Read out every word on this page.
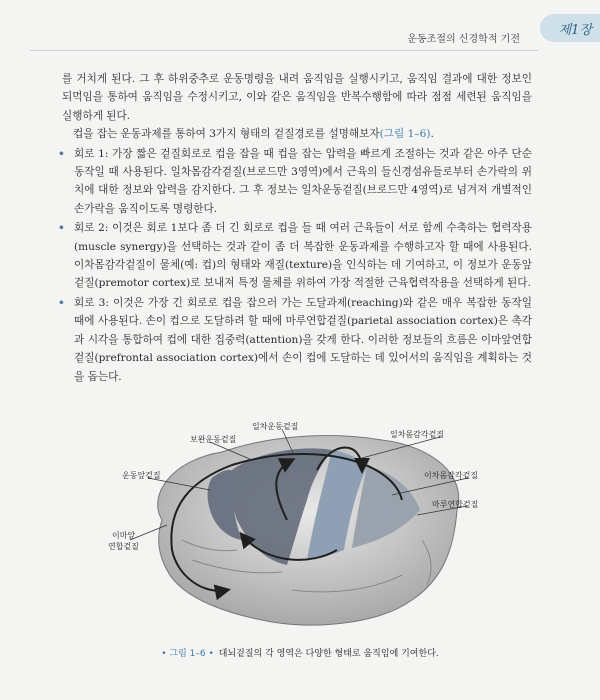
운동조절의 신경학적 기전
제1장

를 거치게 된다. 그 후 하위중추로 운동명령을 내려 움직임을 실행시키고, 움직임 결과에 대한 정보인 되먹임을 통하여 움직임을 수정시키고, 이와 같은 움직임을 반복수행함에 따라 점점 세련된 움직임을 실행하게 된다.

컵을 잡는 운동과제를 통하여 3가지 형태의 겉질경로를 설명해보자(그림 1–6).

• 회로 1: 가장 짧은 겉질회로로 컵을 잡을 때 컵을 잡는 압력을 빠르게 조절하는 것과 같은 아주 단순동작일 때 사용된다. 일차몸감각겉질(브로드만 3영역)에서 근육의 들신경섬유들로부터 손가락의 위치에 대한 정보와 압력을 감지한다. 그 후 정보는 일차운동겉질(브로드만 4영역)로 넘겨져 개별적인 손가락을 움직이도록 명령한다.
• 회로 2: 이것은 회로 1보다 좀 더 긴 회로로 컵을 들 때 여러 근육들이 서로 함께 수축하는 협력작용(muscle synergy)을 선택하는 것과 같이 좀 더 복잡한 운동과제를 수행하고자 할 때에 사용된다. 이차몸감각겉질이 물체(예: 컵)의 형태와 재질(texture)을 인식하는 데 기여하고, 이 정보가 운동앞겉질(premotor cortex)로 보내져 특정 물체를 위하여 가장 적절한 근육협력작용을 선택하게 된다.
• 회로 3: 이것은 가장 긴 회로로 컵을 잡으러 가는 도달과제(reaching)와 같은 매우 복잡한 동작일 때에 사용된다. 손이 컵으로 도달하려 할 때에 마루연합겉질(parietal association cortex)은 촉각과 시각을 통합하여 컵에 대한 집중력(attention)을 갖게 한다. 이러한 정보들의 흐름은 이마앞연합겉질(prefrontal association cortex)에서 손이 컵에 도달하는 데 있어서의 움직임을 계획하는 것을 돕는다.
일차운동겉질
보완운동겉질
일차몸감각겉질
운동앞겉질	이차몸감각겉질
마루연합겉질
이마앞
연합겉질
• 그림 1–6 • 대뇌겉질의 각 영역은 다양한 형태로 움직임에 기여한다.
